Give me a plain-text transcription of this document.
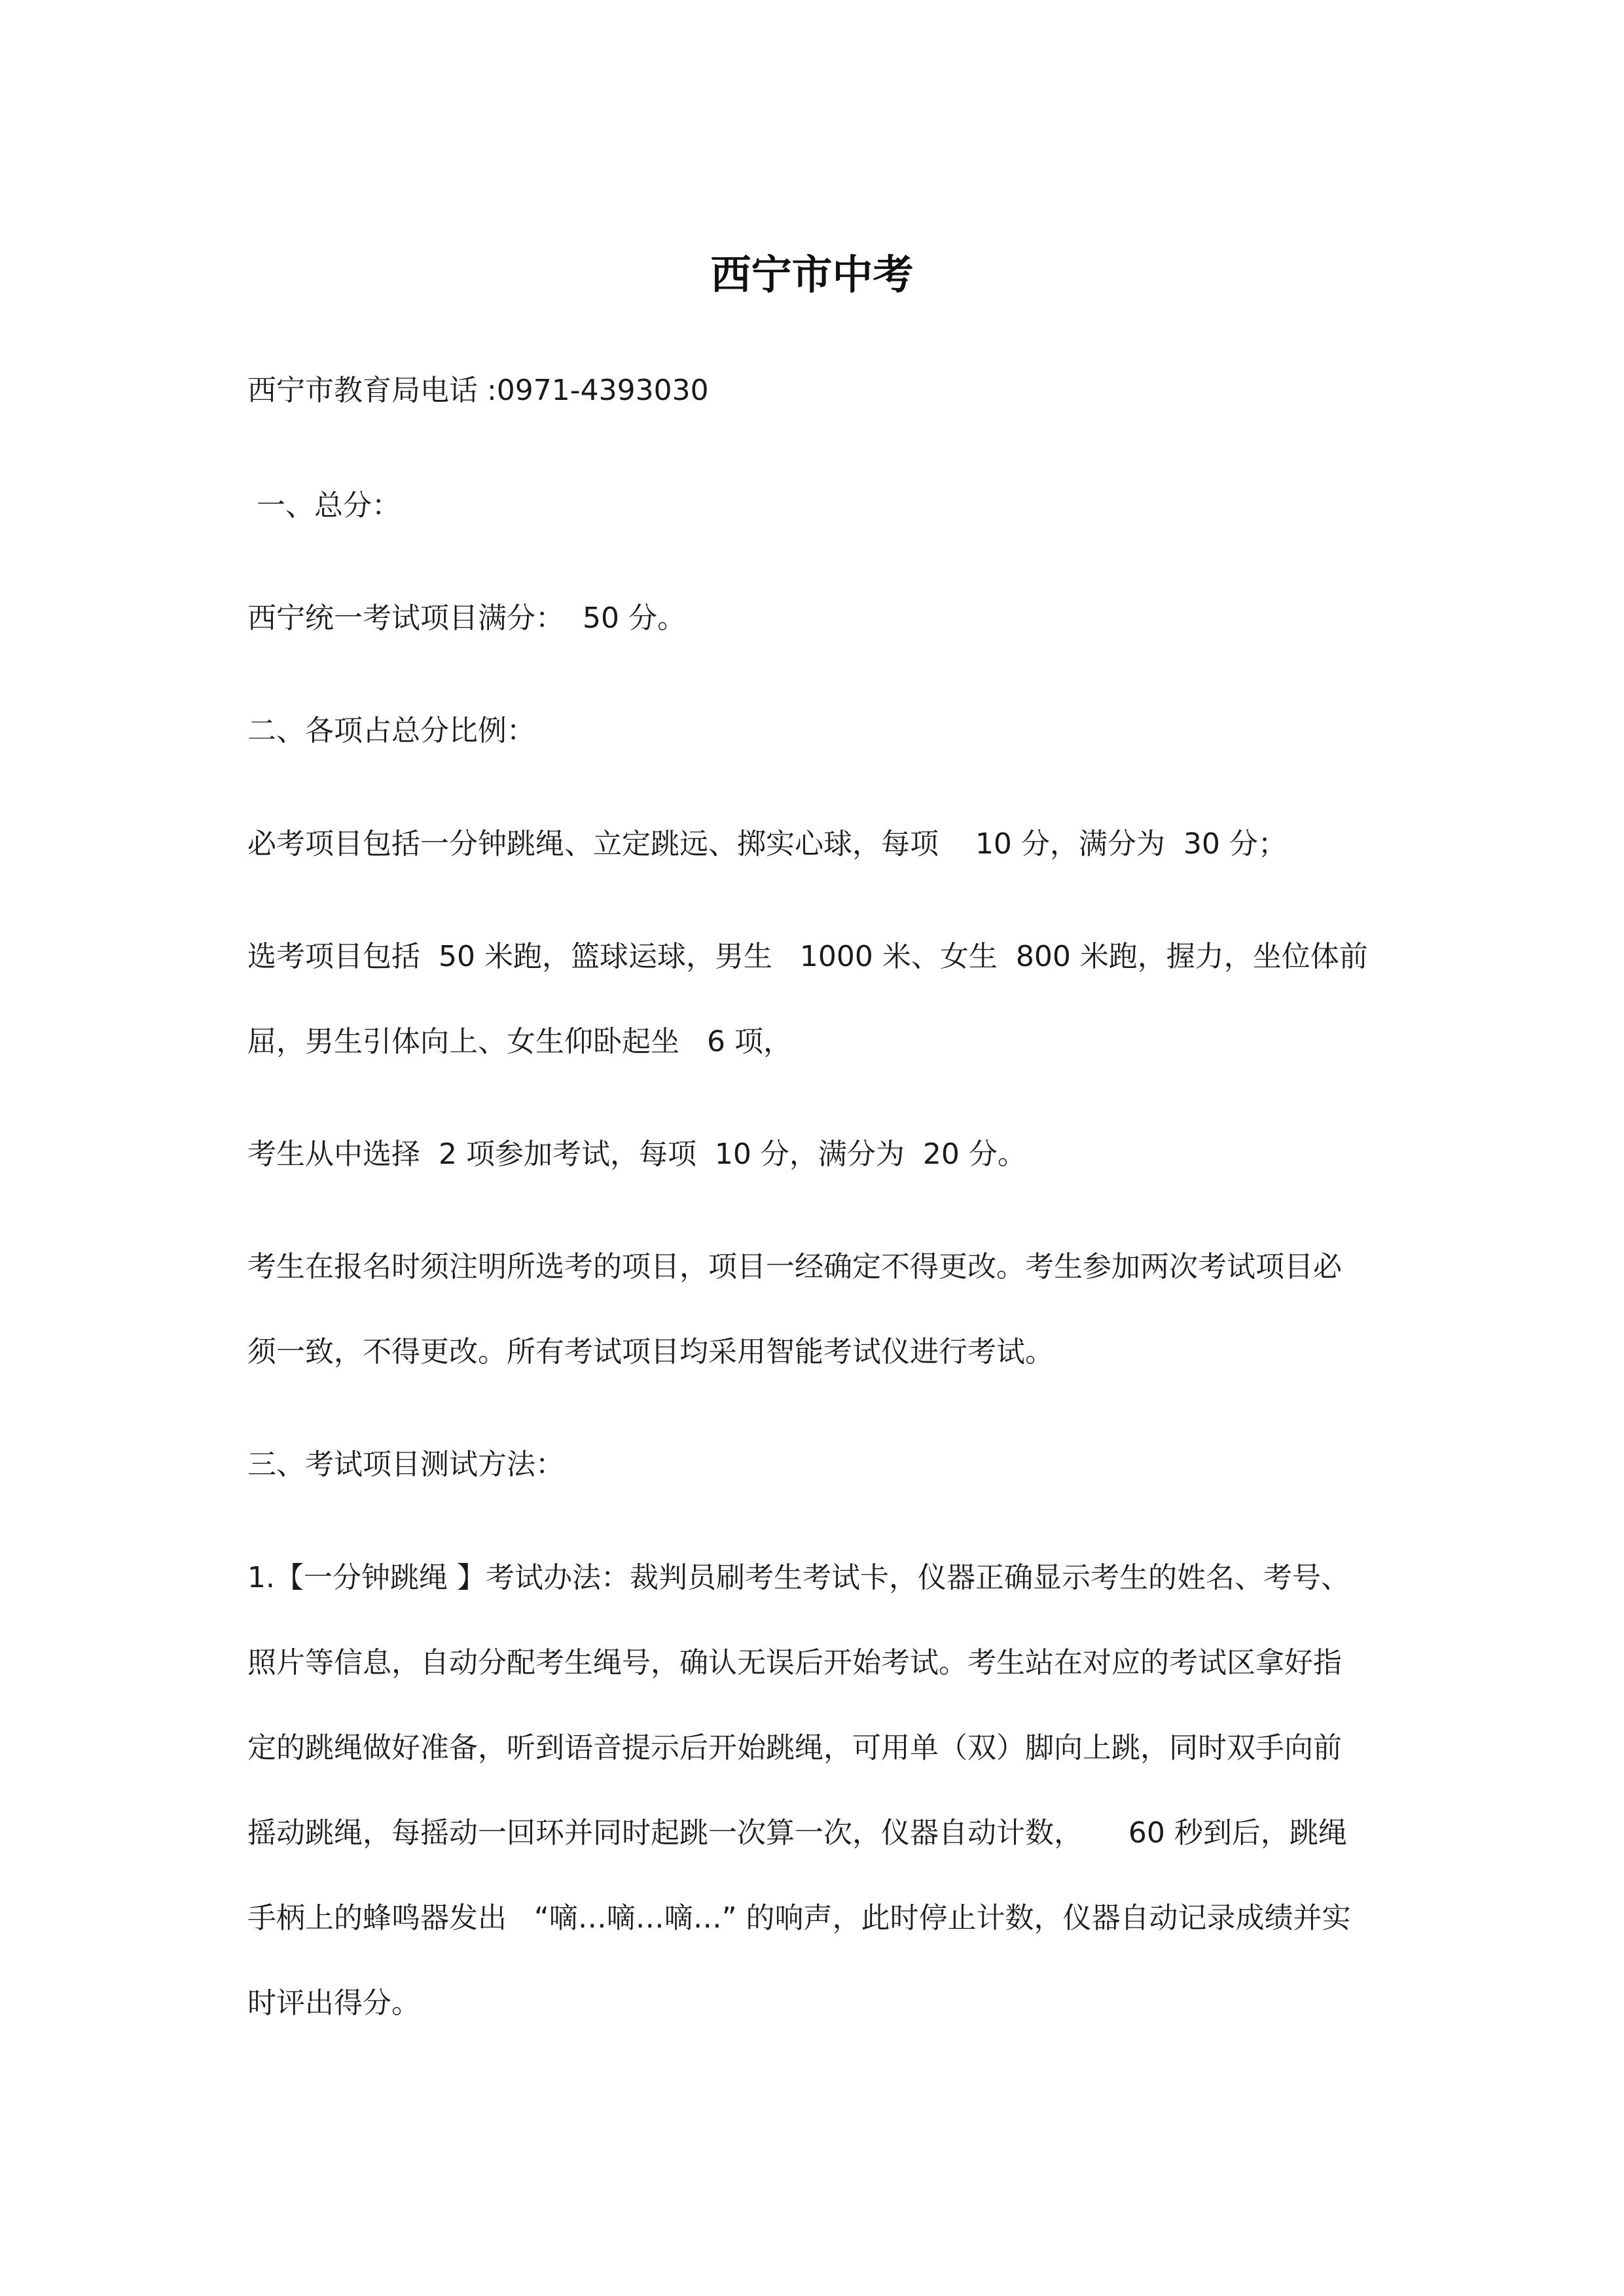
西宁市中考
西宁市教育局电话 :0971-4393030
一、总分：
西宁统一考试项目满分：  50 分。
二、各项占总分比例：
必考项目包括一分钟跳绳、立定跳远、掷实心球，每项    10 分，满分为  30 分；
选考项目包括  50 米跑，篮球运球，男生   1000 米、女生  800 米跑，握力，坐位体前
屈，男生引体向上、女生仰卧起坐   6 项，
考生从中选择  2 项参加考试，每项  10 分，满分为  20 分。
考生在报名时须注明所选考的项目，项目一经确定不得更改。考生参加两次考试项目必
须一致，不得更改。所有考试项目均采用智能考试仪进行考试。
三、考试项目测试方法：
1.【一分钟跳绳 】考试办法：裁判员刷考生考试卡，仪器正确显示考生的姓名、考号、
照片等信息，自动分配考生绳号，确认无误后开始考试。考生站在对应的考试区拿好指
定的跳绳做好准备，听到语音提示后开始跳绳，可用单（双）脚向上跳，同时双手向前
摇动跳绳，每摇动一回环并同时起跳一次算一次，仪器自动计数，     60 秒到后，跳绳
手柄上的蜂鸣器发出   “嘀…嘀…嘀…” 的响声，此时停止计数，仪器自动记录成绩并实
时评出得分。
